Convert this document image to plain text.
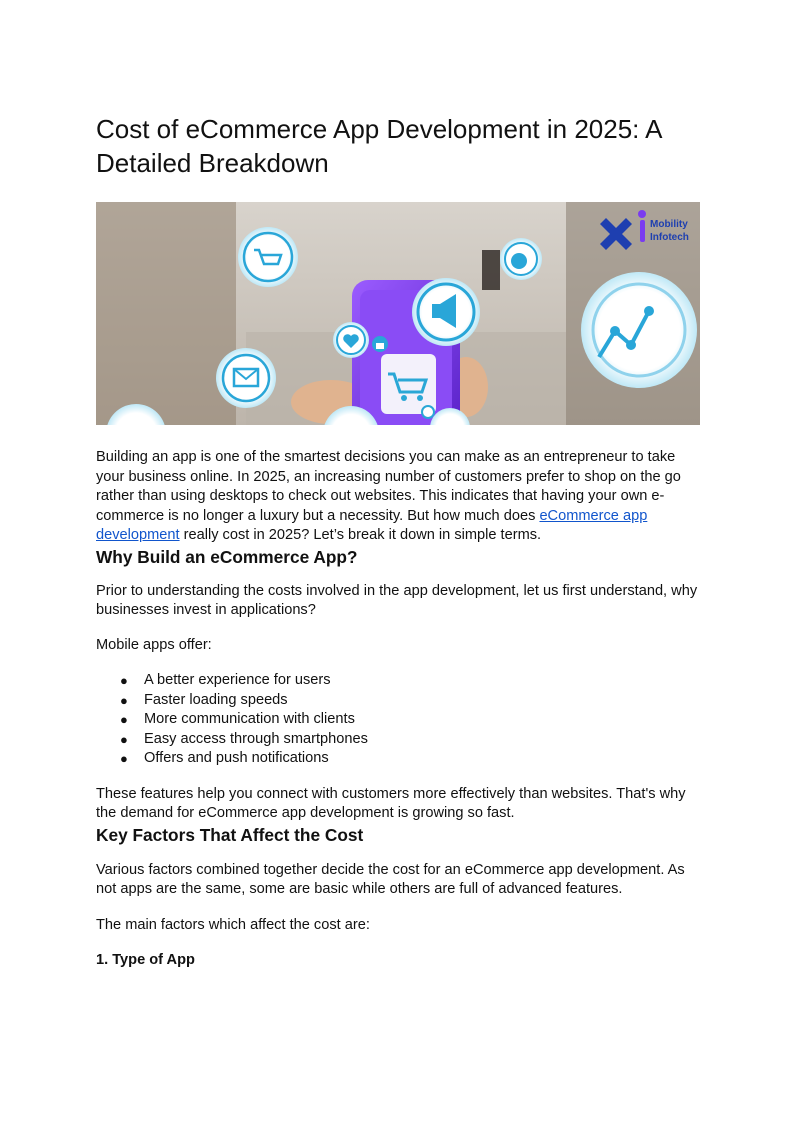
Cost of eCommerce App Development in 2025: A Detailed Breakdown
Mobility
Infotech

Building an app is one of the smartest decisions you can make as an entrepreneur to take your business online. In 2025, an increasing number of customers prefer to shop on the go rather than using desktops to check out websites. This indicates that having your own e-commerce is no longer a luxury but a necessity. But how much does eCommerce app development really cost in 2025? Let’s break it down in simple terms.

Why Build an eCommerce App?

Prior to understanding the costs involved in the app development, let us first understand, why businesses invest in applications?

Mobile apps offer:

● A better experience for users
● Faster loading speeds
● More communication with clients
● Easy access through smartphones
● Offers and push notifications

These features help you connect with customers more effectively than websites. That's why the demand for eCommerce app development is growing so fast.

Key Factors That Affect the Cost

Various factors combined together decide the cost for an eCommerce app development. As not apps are the same, some are basic while others are full of advanced features.

The main factors which affect the cost are:

1. Type of App
